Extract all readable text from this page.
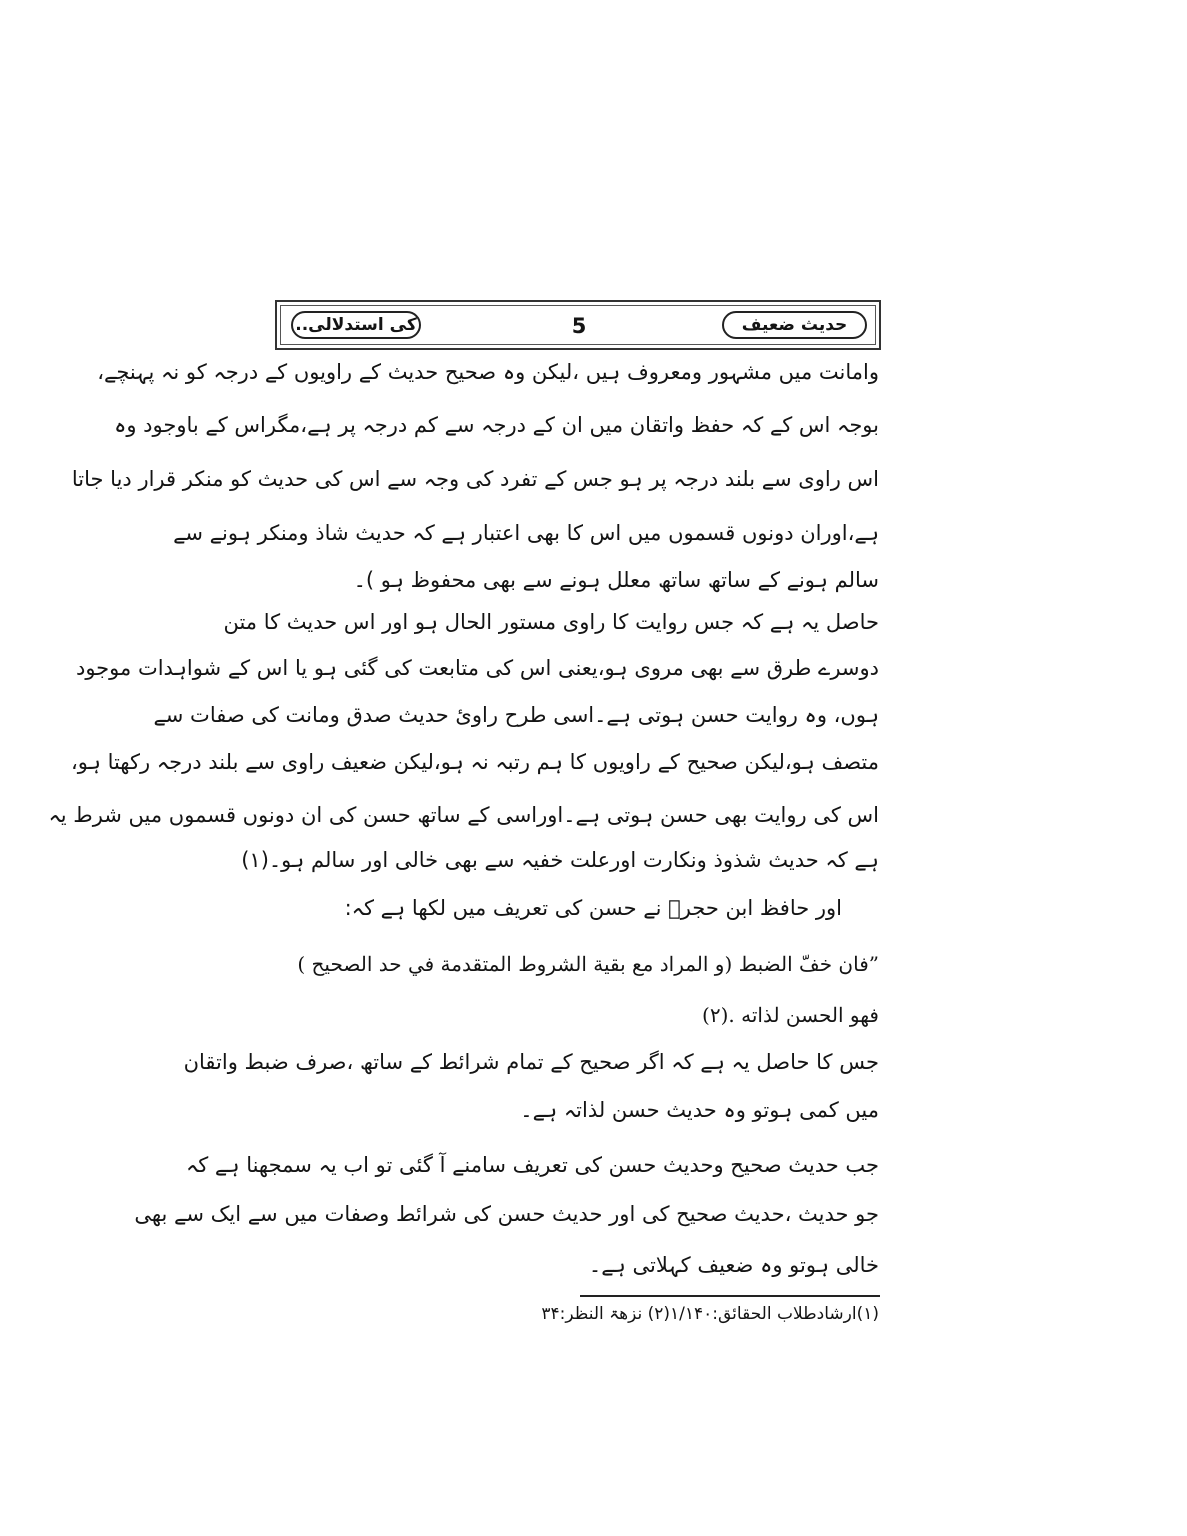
کی استدلالی..	5	حدیث ضعیف
وامانت میں مشہور ومعروف ہیں ،لیکن وہ صحیح حدیث کے راویوں کے درجہ کو نہ پہنچے،
بوجہ اس کے کہ حفظ واتقان میں ان کے درجہ سے کم درجہ پر ہے،مگراس کے باوجود وہ
اس راوی سے بلند درجہ پر ہو جس کے تفرد کی وجہ سے اس کی حدیث کو منکر قرار دیا جاتا
ہے،اوران دونوں قسموں میں اس کا بھی اعتبار ہے کہ حدیث شاذ ومنکر ہونے سے
سالم ہونے کے ساتھ ساتھ معلل ہونے سے بھی محفوظ ہو )۔
حاصل یہ ہے کہ جس روایت کا راوی مستور الحال ہو اور اس حدیث کا متن
دوسرے طرق سے بھی مروی ہو،یعنی اس کی متابعت کی گئی ہو یا اس کے شواہدات موجود
ہوں، وہ روایت حسن ہوتی ہے۔اسی طرح راویٔ حدیث صدق ومانت کی صفات سے
متصف ہو،لیکن صحیح کے راویوں کا ہم رتبہ نہ ہو،لیکن ضعیف راوی سے بلند درجہ رکھتا ہو،
اس کی روایت بھی حسن ہوتی ہے۔اوراسی کے ساتھ حسن کی ان دونوں قسموں میں شرط یہ
ہے کہ حدیث شذوذ ونکارت اورعلت خفیہ سے بھی خالی اور سالم ہو۔(۱)
اور حافظ ابن حجرؒ نے حسن کی تعریف میں لکھا ہے کہ:
”فان خفّ الضبط (و المراد مع بقية الشروط المتقدمة في حد الصحيح )
فهو الحسن لذاته .(۲)
جس کا حاصل یہ ہے کہ اگر صحیح کے تمام شرائط کے ساتھ ،صرف ضبط واتقان
میں کمی ہوتو وہ حدیث حسن لذاتہ ہے۔
جب حدیث صحیح وحدیث حسن کی تعریف سامنے آ گئی تو اب یہ سمجھنا ہے کہ
جو حدیث ،حدیث صحیح کی اور حدیث حسن کی شرائط وصفات میں سے ایک سے بھی
خالی ہوتو وہ ضعیف کہلاتی ہے۔
(۱)ارشادطلاب الحقائق:۱/۱۴۰(۲) نزھۃ النظر:۳۴
